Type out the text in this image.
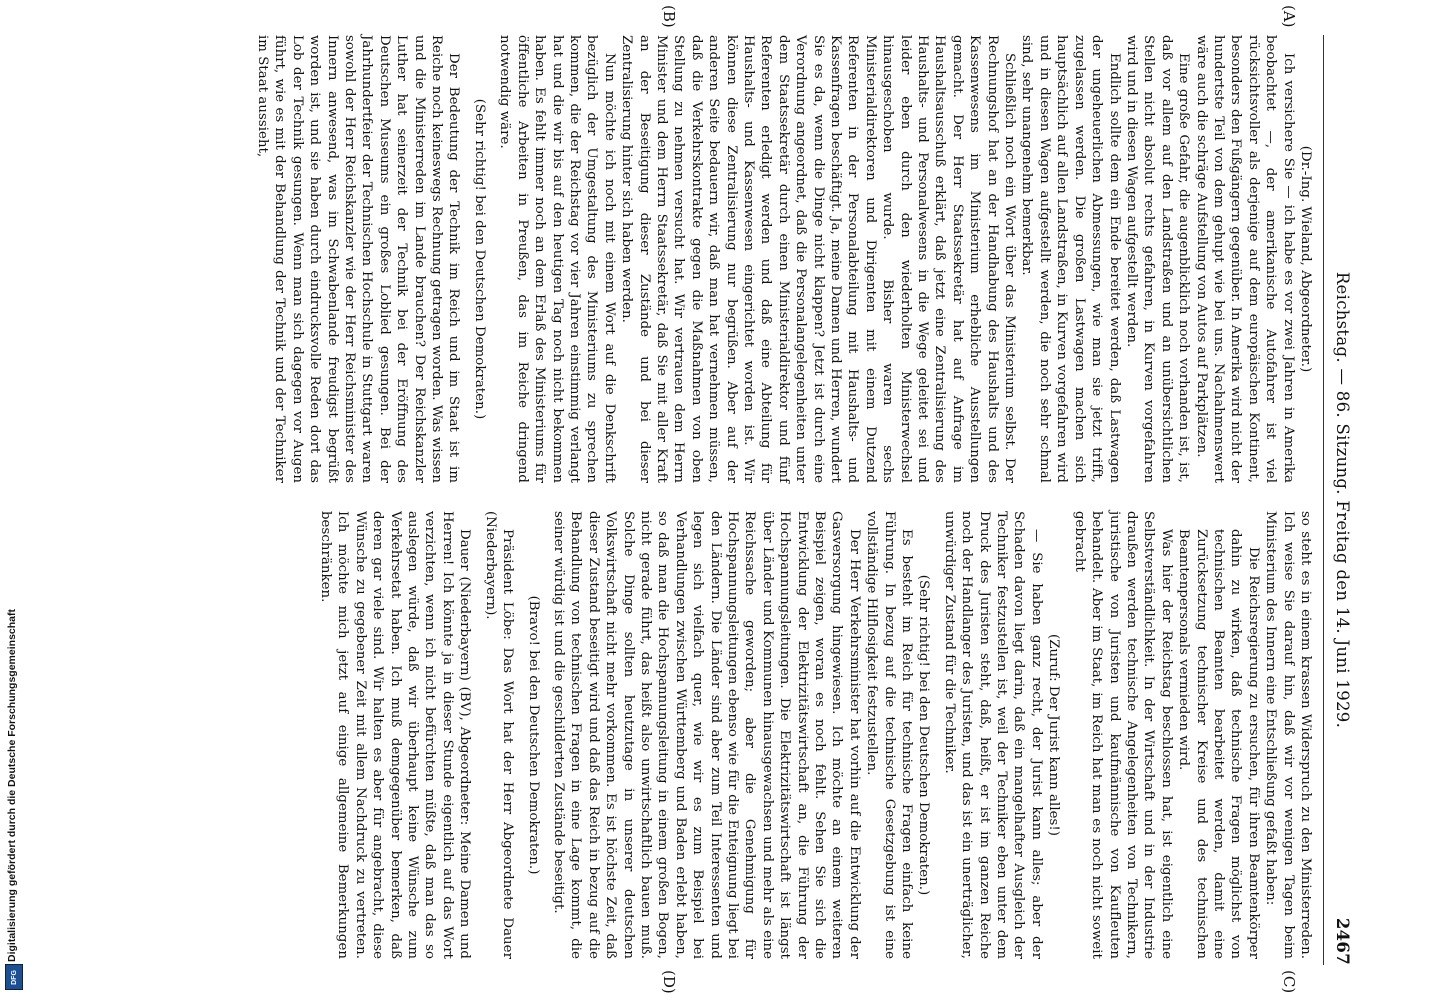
Reichstag. — 86. Sitzung. Freitag den 14. Juni 1929.
2467
(A)
(B)
(C)
(D)

(Dr.-Ing. Wieland, Abgeordneter.)

Ich versichere Sie — ich habe es vor zwei Jahren in Amerika beobachtet —, der amerikanische Autofahrer ist viel rücksichtsvoller als derjenige auf dem europäischen Kontinent, besonders den Fußgängern gegenüber. In Amerika wird nicht der hundertste Teil von dem gehupt wie bei uns. Nachahmenswert wäre auch die schräge Aufstellung von Autos auf Parkplätzen.

Eine große Gefahr, die augenblicklich noch vorhanden ist, ist, daß vor allem auf den Landstraßen und an unübersichtlichen Stellen nicht absolut rechts gefahren, in Kurven vorgefahren wird und in diesen Wagen aufgestellt werden.

Endlich sollte dem ein Ende bereitet werden, daß Lastwagen der ungeheuerlichen Abmessungen, wie man sie jetzt trifft, zugelassen werden. Die großen Lastwagen machen sich hauptsächlich auf allen Landstraßen, in Kurven vorgefahren wird und in diesen Wagen aufgestellt werden, die noch sehr schmal sind, sehr unangenehm bemerkbar.

Schließlich noch ein Wort über das Ministerium selbst. Der Rechnungshof hat an der Handhabung des Haushalts und des Kassenwesens im Ministerium erhebliche Ausstellungen gemacht. Der Herr Staatssekretär hat auf Anfrage im Haushaltsausschuß erklärt, daß jetzt eine Zentralisierung des Haushalts- und Personalwesens in die Wege geleitet sei und leider eben durch den wiederholten Ministerwechsel hinausgeschoben wurde. Bisher waren sechs Ministerialdirektoren und Dirigenten mit einem Dutzend Referenten in der Personalabteilung mit Haushalts- und Kassenfragen beschäftigt. Ja, meine Damen und Herren, wundert Sie es da, wenn die Dinge nicht klappen? Jetzt ist durch eine Verordnung angeordnet, daß die Personalangelegenheiten unter dem Staatssekretär durch einen Ministerialdirektor und fünf Referenten erledigt werden und daß eine Abteilung für Haushalts- und Kassenwesen eingerichtet worden ist. Wir können diese Zentralisierung nur begrüßen. Aber auf der anderen Seite bedauern wir, daß man hat vernehmen müssen, daß die Verkehrskontrakte gegen die Maßnahmen von oben Stellung zu nehmen versucht hat. Wir vertrauen dem Herrn Minister und dem Herrn Staatssekretär, daß Sie mit aller Kraft an der Beseitigung dieser Zustände und bei dieser Zentralisierung hinter sich haben werden.

Nun möchte ich noch mit einem Wort auf die Denkschrift bezüglich der Umgestaltung des Ministeriums zu sprechen kommen, die der Reichstag vor vier Jahren einstimmig verlangt hat und die wir bis auf den heutigen Tag noch nicht bekommen haben. Es fehlt immer noch an dem Erlaß des Ministeriums für öffentliche Arbeiten in Preußen, das im Reiche dringend notwendig wäre.

(Sehr richtig! bei den Deutschen Demokraten.)

Der Bedeutung der Technik im Reich und im Staat ist im Reiche noch keineswegs Rechnung getragen worden. Was wissen und die Ministerreden im Lande brauchen? Der Reichskanzler Luther hat seinerzeit der Technik bei der Eröffnung des Deutschen Museums ein großes Loblied gesungen. Bei der Jahrhundertfeier der Technischen Hochschule in Stuttgart waren sowohl der Herr Reichskanzler wie der Herr Reichsminister des Innern anwesend, was im Schwabenlande freudigst begrüßt worden ist, und sie haben durch eindrucksvolle Reden dort das Lob der Technik gesungen. Wenn man sich dagegen vor Augen führt, wie es mit der Behandlung der Technik und der Techniker im Staat aussieht,

so steht es in einem krassen Widerspruch zu den Ministerreden. Ich weise Sie darauf hin, daß wir vor wenigen Tagen beim Ministerium des Innern eine Entschließung gefaßt haben:

Die Reichsregierung zu ersuchen, für ihren Beamtenkörper dahin zu wirken, daß technische Fragen möglichst von technischen Beamten bearbeitet werden, damit eine Zurücksetzung technischer Kreise und des technischen Beamtenpersonals vermieden wird.

Was hier der Reichstag beschlossen hat, ist eigentlich eine Selbstverständlichkeit. In der Wirtschaft und in der Industrie draußen werden technische Angelegenheiten von Technikern, juristische von Juristen und kaufmännische von Kaufleuten behandelt. Aber im Staat, im Reich hat man es noch nicht soweit gebracht

(Zuruf: Der Jurist kann alles!)

— Sie haben ganz recht, der Jurist kann alles; aber der Schaden davon liegt darin, daß ein mangelhafter Ausgleich der Techniker festzustellen ist, weil der Techniker eben unter dem Druck des Juristen steht, daß, heißt, er ist im ganzen Reiche noch der Handlanger des Juristen, und das ist ein unerträglicher, unwürdiger Zustand für die Techniker.

(Sehr richtig! bei den Deutschen Demokraten.)

Es besteht im Reich für technische Fragen einfach keine Führung. In bezug auf die technische Gesetzgebung ist eine vollständige Hilflosigkeit festzustellen.

Der Herr Verkehrsminister hat vorhin auf die Entwicklung der Gasversorgung hingewiesen. Ich möchte an einem weiteren Beispiel zeigen, woran es noch fehlt. Sehen Sie sich die Entwicklung der Elektrizitätswirtschaft an, die Führung der Hochspannungsleitungen. Die Elektrizitätswirtschaft ist längst über Länder und Kommunen hinausgewachsen und mehr als eine Reichssache geworden; aber die Genehmigung für Hochspannungsleitungen ebenso wie für die Enteignung liegt bei den Ländern. Die Länder sind aber zum Teil Interessenten und legen sich vielfach quer, wie wir es zum Beispiel bei Verhandlungen zwischen Württemberg und Baden erlebt haben, so daß man die Hochspannungsleitung in einem großen Bogen, nicht gerade führt, das heißt also unwirtschaftlich bauen muß. Solche Dinge sollten heutzutage in unserer deutschen Volkswirtschaft nicht mehr vorkommen. Es ist höchste Zeit, daß dieser Zustand beseitigt wird und daß das Reich in bezug auf die Behandlung von technischen Fragen in eine Lage kommt, die seiner würdig ist und die geschilderten Zustände beseitigt.

(Bravo! bei den Deutschen Demokraten.)

Präsident Löbe: Das Wort hat der Herr Abgeordnete Dauer (Niederbayern).

Dauer (Niederbayern) (BV), Abgeordneter: Meine Damen und Herren! Ich könnte ja in dieser Stunde eigentlich auf das Wort verzichten, wenn ich nicht befürchten müßte, daß man das so auslegen würde, daß wir überhaupt keine Wünsche zum Verkehrsetat haben. Ich muß demgegenüber bemerken, daß deren gar viele sind. Wir halten es aber für angebracht, diese Wünsche zu gegebener Zeit mit allem Nachdruck zu vertreten. Ich möchte mich jetzt auf einige allgemeine Bemerkungen beschränken.

Digitalisierung gefördert durch die Deutsche Forschungsgemeinschaft
DFG
